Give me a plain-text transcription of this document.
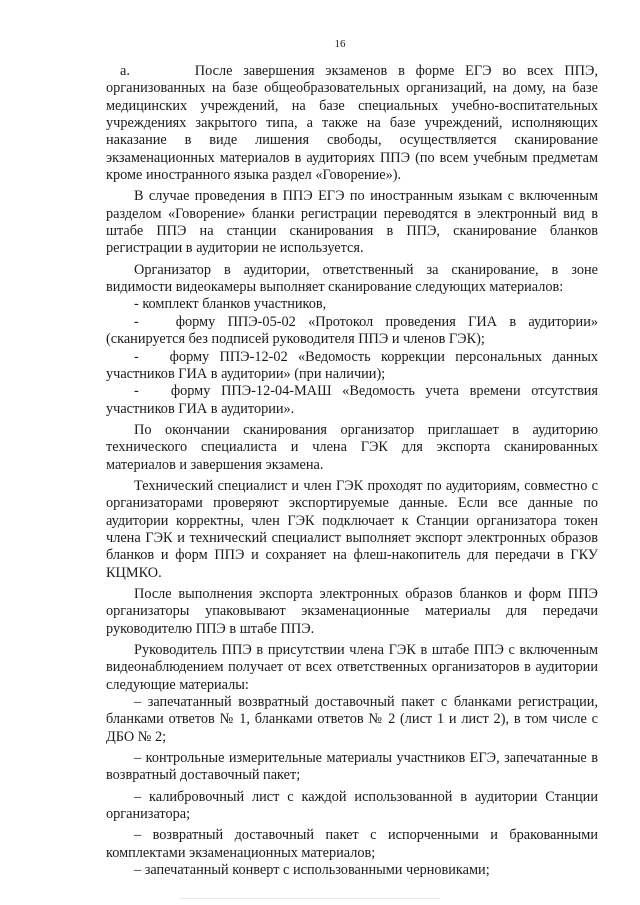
16

а.      После завершения экзаменов в форме ЕГЭ во всех ППЭ, организованных на базе общеобразовательных организаций, на дому, на базе медицинских учреждений, на базе специальных учебно-воспитательных учреждениях закрытого типа, а также на базе учреждений, исполняющих наказание в виде лишения свободы, осуществляется сканирование экзаменационных материалов в аудиториях ППЭ (по всем учебным предметам кроме иностранного языка раздел «Говорение»).

В случае проведения в ППЭ ЕГЭ по иностранным языкам с включенным разделом «Говорение» бланки регистрации переводятся в электронный вид в штабе ППЭ на станции сканирования в ППЭ, сканирование бланков регистрации в аудитории не используется.

Организатор в аудитории, ответственный за сканирование, в зоне видимости видеокамеры выполняет сканирование следующих материалов:

- комплект бланков участников,

-   форму ППЭ-05-02 «Протокол проведения ГИА в аудитории» (сканируется без подписей руководителя ППЭ и членов ГЭК);

-   форму ППЭ-12-02 «Ведомость коррекции персональных данных участников ГИА в аудитории» (при наличии);

-   форму ППЭ-12-04-МАШ «Ведомость учета времени отсутствия участников ГИА в аудитории».

По окончании сканирования организатор приглашает в аудиторию технического специалиста и члена ГЭК для экспорта сканированных материалов и завершения экзамена.

Технический специалист и член ГЭК проходят по аудиториям, совместно с организаторами проверяют экспортируемые данные. Если все данные по аудитории корректны, член ГЭК подключает к Станции организатора токен члена ГЭК и технический специалист выполняет экспорт электронных образов бланков и форм ППЭ и сохраняет на флеш-накопитель для передачи в ГКУ КЦМКО.

После выполнения экспорта электронных образов бланков и форм ППЭ организаторы упаковывают экзаменационные материалы для передачи руководителю ППЭ в штабе ППЭ.

Руководитель ППЭ в присутствии члена ГЭК в штабе ППЭ с включенным видеонаблюдением получает от всех ответственных организаторов в аудитории следующие материалы:

– запечатанный возвратный доставочный пакет с бланками регистрации, бланками ответов № 1, бланками ответов № 2 (лист 1 и лист 2), в том числе с ДБО № 2;

– контрольные измерительные материалы участников ЕГЭ, запечатанные в возвратный доставочный пакет;

– калибровочный лист с каждой использованной в аудитории Станции организатора;

– возвратный доставочный пакет с испорченными и бракованными комплектами экзаменационных материалов;

– запечатанный конверт с использованными черновиками;
